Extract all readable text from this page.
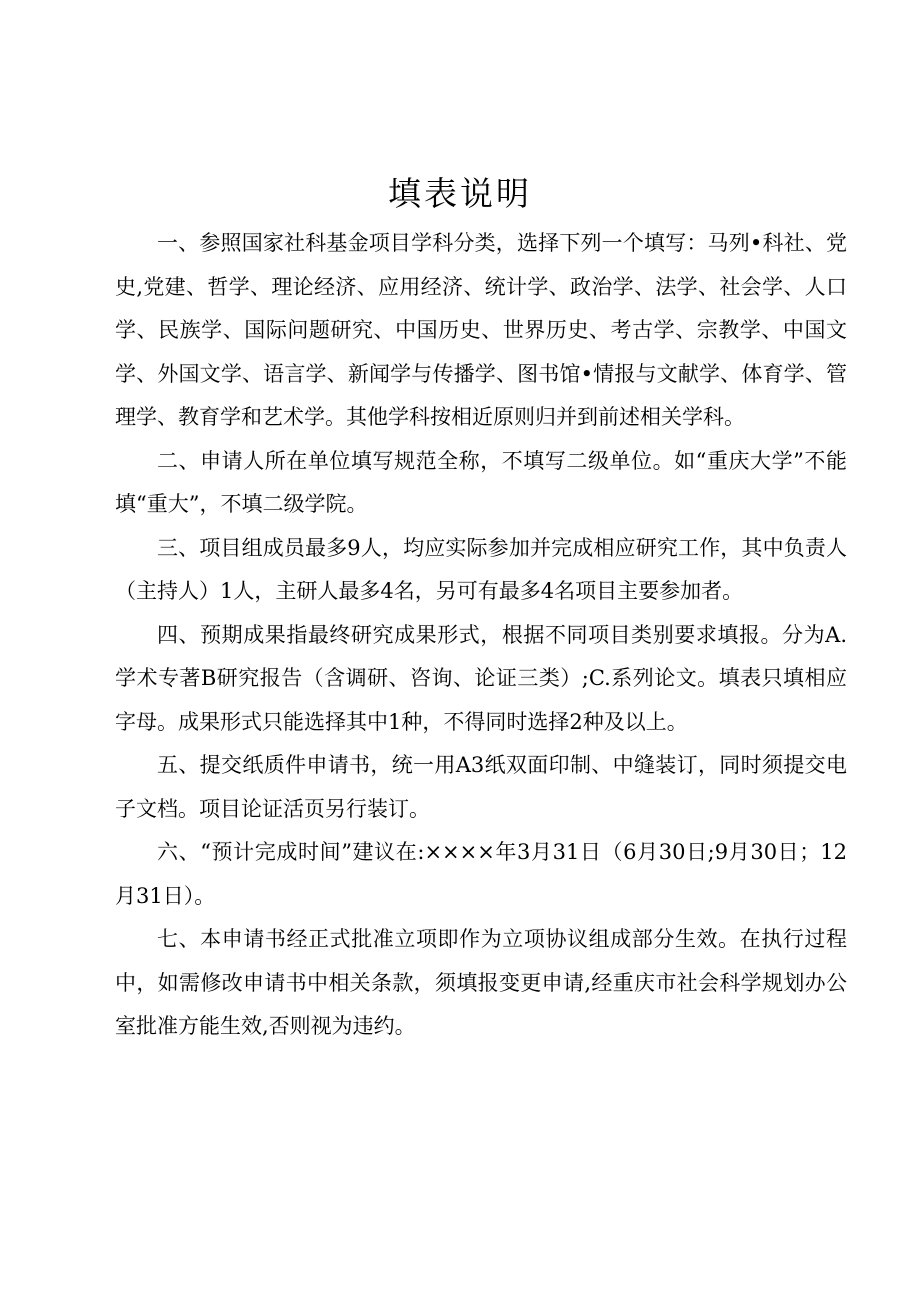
填表说明

一、参照国家社科基金项目学科分类，选择下列一个填写：马列•科社、党史,党建、哲学、理论经济、应用经济、统计学、政治学、法学、社会学、人口学、民族学、国际问题研究、中国历史、世界历史、考古学、宗教学、中国文学、外国文学、语言学、新闻学与传播学、图书馆•情报与文献学、体育学、管理学、教育学和艺术学。其他学科按相近原则归并到前述相关学科。

二、申请人所在单位填写规范全称，不填写二级单位。如“重庆大学”不能填“重大”，不填二级学院。

三、项目组成员最多9人，均应实际参加并完成相应研究工作，其中负责人（主持人）1人，主研人最多4名，另可有最多4名项目主要参加者。

四、预期成果指最终研究成果形式，根据不同项目类别要求填报。分为A.学术专著B研究报告（含调研、咨询、论证三类）;C.系列论文。填表只填相应字母。成果形式只能选择其中1种，不得同时选择2种及以上。

五、提交纸质件申请书，统一用A3纸双面印制、中缝装订，同时须提交电子文档。项目论证活页另行装订。

六、“预计完成时间”建议在:××××年3月31日（6月30日;9月30日；12月31日）。

七、本申请书经正式批准立项即作为立项协议组成部分生效。在执行过程中，如需修改申请书中相关条款，须填报变更申请,经重庆市社会科学规划办公室批准方能生效,否则视为违约。
